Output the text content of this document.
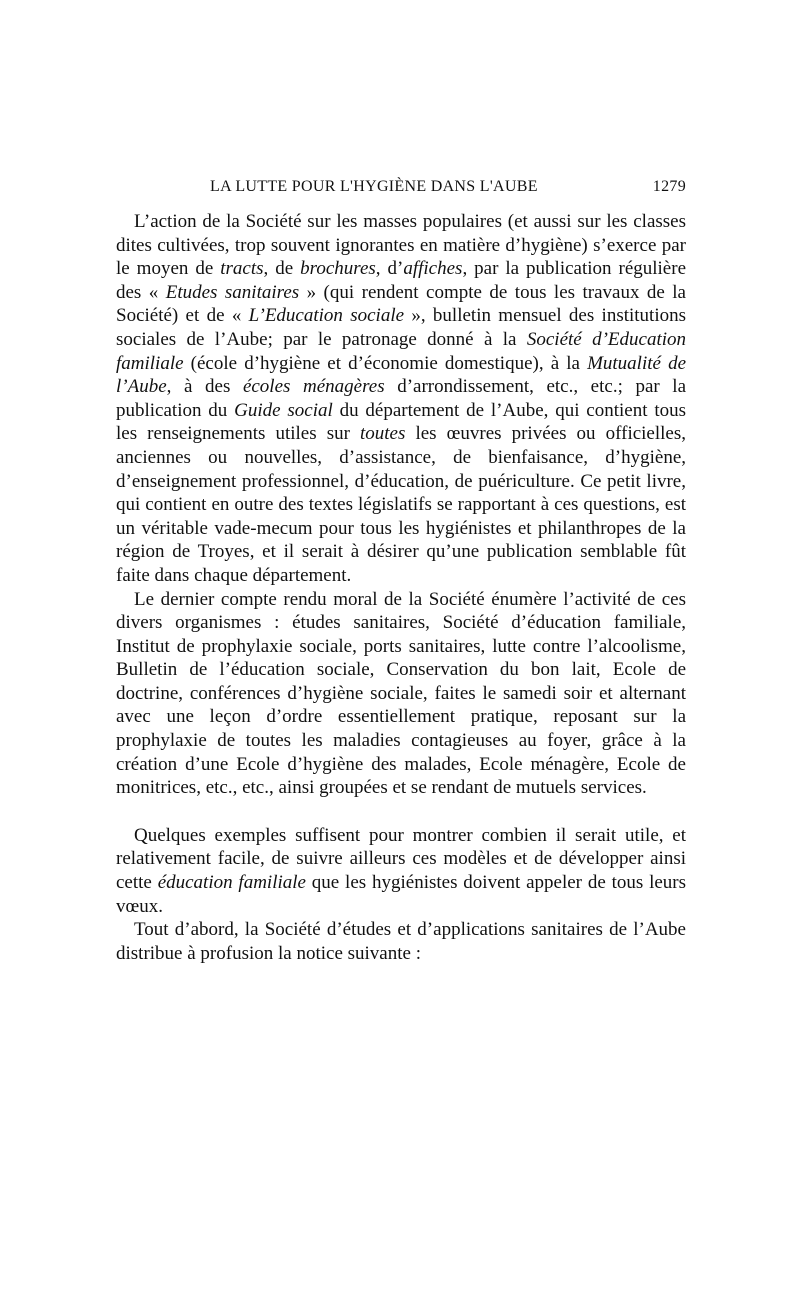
LA LUTTE POUR L'HYGIÈNE DANS L'AUBE	1279

L’action de la Société sur les masses populaires (et aussi sur les classes dites cultivées, trop souvent ignorantes en matière d’hygiène) s’exerce par le moyen de tracts, de brochures, d’affiches, par la publication régulière des « Etudes sanitaires » (qui rendent compte de tous les travaux de la Société) et de « L’Education sociale », bulletin mensuel des institutions sociales de l’Aube; par le patronage donné à la Société d’Education familiale (école d’hygiène et d’économie domestique), à la Mutualité de l’Aube, à des écoles ménagères d’arrondissement, etc., etc.; par la publication du Guide social du département de l’Aube, qui contient tous les renseignements utiles sur toutes les œuvres privées ou officielles, anciennes ou nouvelles, d’assistance, de bienfaisance, d’hygiène, d’enseignement professionnel, d’éducation, de puériculture. Ce petit livre, qui contient en outre des textes législatifs se rapportant à ces questions, est un véritable vade-mecum pour tous les hygiénistes et philanthropes de la région de Troyes, et il serait à désirer qu’une publication semblable fût faite dans chaque département.

Le dernier compte rendu moral de la Société énumère l’activité de ces divers organismes : études sanitaires, Société d’éducation familiale, Institut de prophylaxie sociale, ports sanitaires, lutte contre l’alcoolisme, Bulletin de l’éducation sociale, Conservation du bon lait, Ecole de doctrine, conférences d’hygiène sociale, faites le samedi soir et alternant avec une leçon d’ordre essentiellement pratique, reposant sur la prophylaxie de toutes les maladies contagieuses au foyer, grâce à la création d’une Ecole d’hygiène des malades, Ecole ménagère, Ecole de monitrices, etc., etc., ainsi groupées et se rendant de mutuels services.

Quelques exemples suffisent pour montrer combien il serait utile, et relativement facile, de suivre ailleurs ces modèles et de développer ainsi cette éducation familiale que les hygiénistes doivent appeler de tous leurs vœux.

Tout d’abord, la Société d’études et d’applications sanitaires de l’Aube distribue à profusion la notice suivante :
